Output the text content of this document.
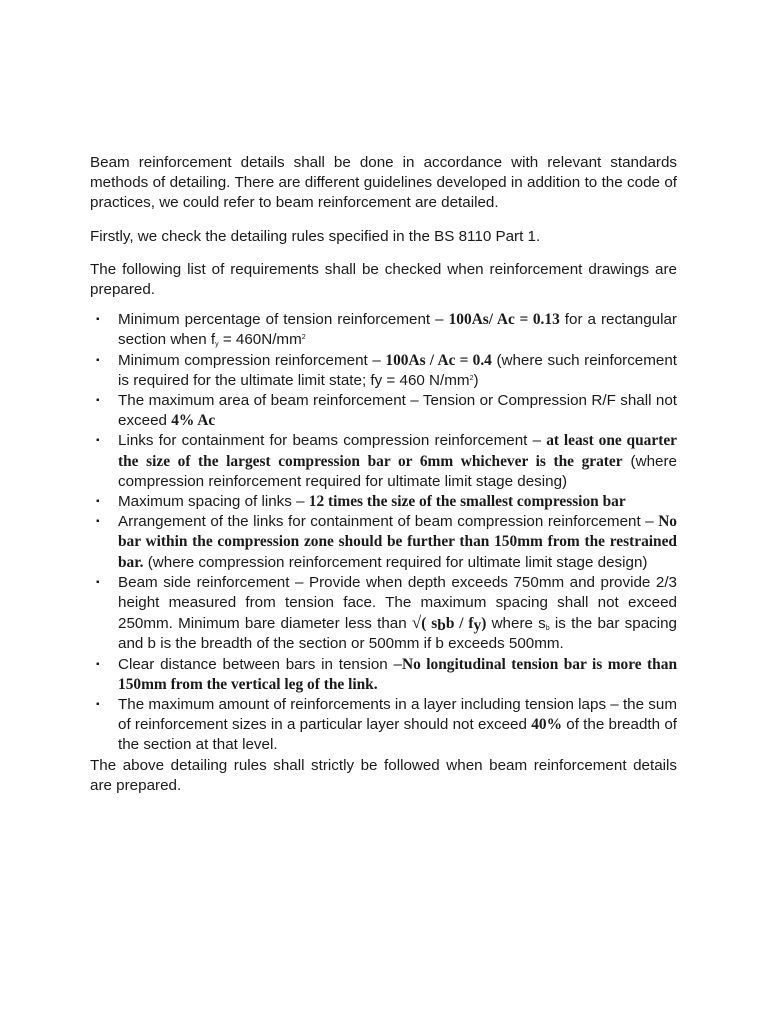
Beam reinforcement details shall be done in accordance with relevant standards methods of detailing. There are different guidelines developed in addition to the code of practices, we could refer to beam reinforcement are detailed.

Firstly, we check the detailing rules specified in the BS 8110 Part 1.

The following list of requirements shall be checked when reinforcement drawings are prepared.

▪ Minimum percentage of tension reinforcement – 100As/ Ac = 0.13 for a rectangular section when $f_y = 460N/mm^2$
▪ Minimum compression reinforcement – 100As / Ac = 0.4 (where such reinforcement is required for the ultimate limit state; fy = 460 $N/mm^2$)
▪ The maximum area of beam reinforcement – Tension or Compression R/F shall not exceed 4% Ac
▪ Links for containment for beams compression reinforcement – at least one quarter the size of the largest compression bar or 6mm whichever is the grater (where compression reinforcement required for ultimate limit stage desing)
▪ Maximum spacing of links – 12 times the size of the smallest compression bar
▪ Arrangement of the links for containment of beam compression reinforcement – No bar within the compression zone should be further than 150mm from the restrained bar. (where compression reinforcement required for ultimate limit stage design)
▪ Beam side reinforcement – Provide when depth exceeds 750mm and provide 2/3 height measured from tension face. The maximum spacing shall not exceed 250mm. Minimum bare diameter less than √( $s_bb / f_y$) where $s_b$ is the bar spacing and b is the breadth of the section or 500mm if b exceeds 500mm.
▪ Clear distance between bars in tension –No longitudinal tension bar is more than 150mm from the vertical leg of the link.
▪ The maximum amount of reinforcements in a layer including tension laps – the sum of reinforcement sizes in a particular layer should not exceed 40% of the breadth of the section at that level.

The above detailing rules shall strictly be followed when beam reinforcement details are prepared.
